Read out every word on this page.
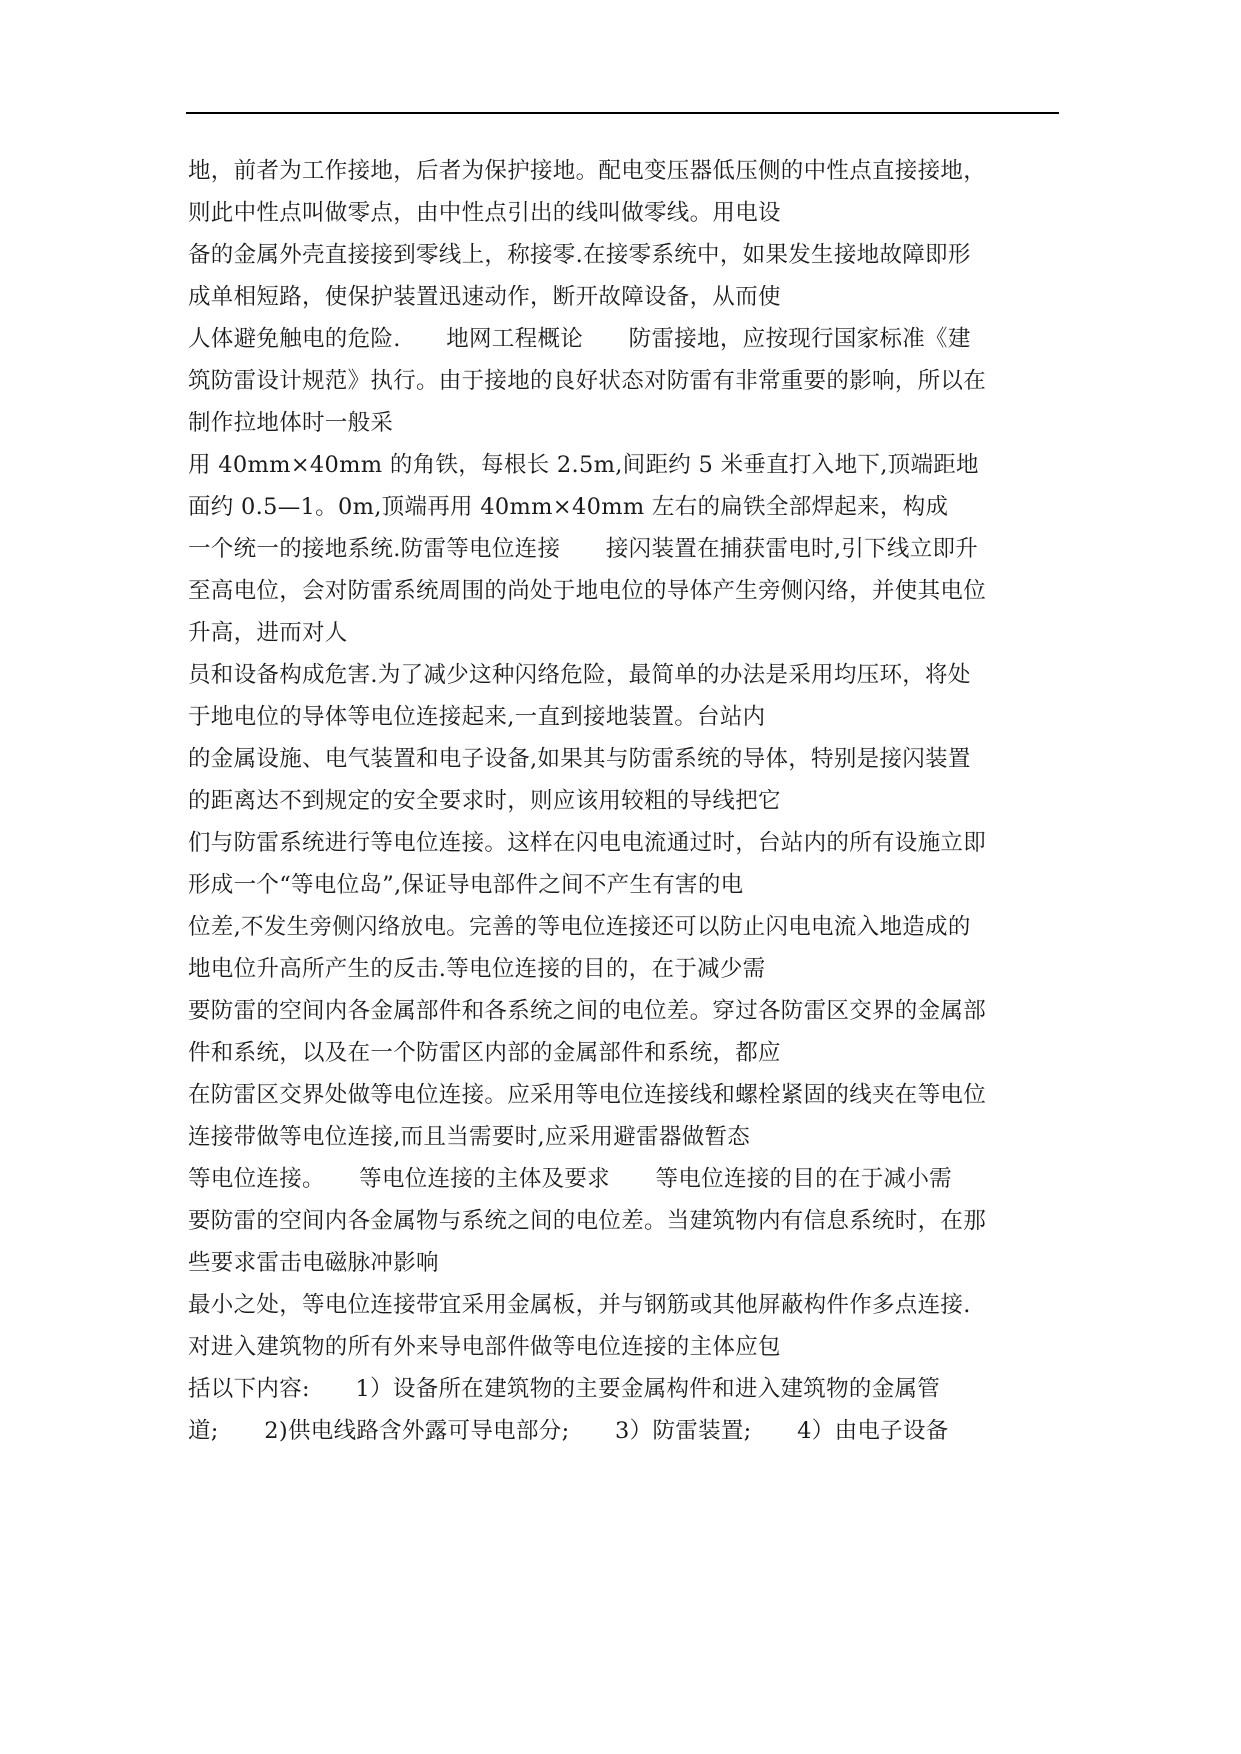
地，前者为工作接地，后者为保护接地。配电变压器低压侧的中性点直接接地，
则此中性点叫做零点，由中性点引出的线叫做零线。用电设
备的金属外壳直接接到零线上，称接零.在接零系统中，如果发生接地故障即形
成单相短路，使保护装置迅速动作，断开故障设备，从而使
人体避免触电的危险.　　地网工程概论　　防雷接地，应按现行国家标准《建
筑防雷设计规范》执行。由于接地的良好状态对防雷有非常重要的影响，所以在
制作拉地体时一般采
用 40mm×40mm 的角铁，每根长 2.5m,间距约 5 米垂直打入地下,顶端距地
面约 0.5—1。0m,顶端再用 40mm×40mm 左右的扁铁全部焊起来，构成
一个统一的接地系统.防雷等电位连接　　接闪装置在捕获雷电时,引下线立即升
至高电位，会对防雷系统周围的尚处于地电位的导体产生旁侧闪络，并使其电位
升高，进而对人
员和设备构成危害.为了减少这种闪络危险，最简单的办法是采用均压环，将处
于地电位的导体等电位连接起来,一直到接地装置。台站内
的金属设施、电气装置和电子设备,如果其与防雷系统的导体，特别是接闪装置
的距离达不到规定的安全要求时，则应该用较粗的导线把它
们与防雷系统进行等电位连接。这样在闪电电流通过时，台站内的所有设施立即
形成一个“等电位岛”,保证导电部件之间不产生有害的电
位差,不发生旁侧闪络放电。完善的等电位连接还可以防止闪电电流入地造成的
地电位升高所产生的反击.等电位连接的目的，在于减少需
要防雷的空间内各金属部件和各系统之间的电位差。穿过各防雷区交界的金属部
件和系统，以及在一个防雷区内部的金属部件和系统，都应
在防雷区交界处做等电位连接。应采用等电位连接线和螺栓紧固的线夹在等电位
连接带做等电位连接,而且当需要时,应采用避雷器做暂态
等电位连接。　　等电位连接的主体及要求　　等电位连接的目的在于减小需
要防雷的空间内各金属物与系统之间的电位差。当建筑物内有信息系统时，在那
些要求雷击电磁脉冲影响
最小之处，等电位连接带宜采用金属板，并与钢筋或其他屏蔽构件作多点连接.
对进入建筑物的所有外来导电部件做等电位连接的主体应包
括以下内容:　　1）设备所在建筑物的主要金属构件和进入建筑物的金属管
道;　　2)供电线路含外露可导电部分;　　3）防雷装置;　　4）由电子设备
